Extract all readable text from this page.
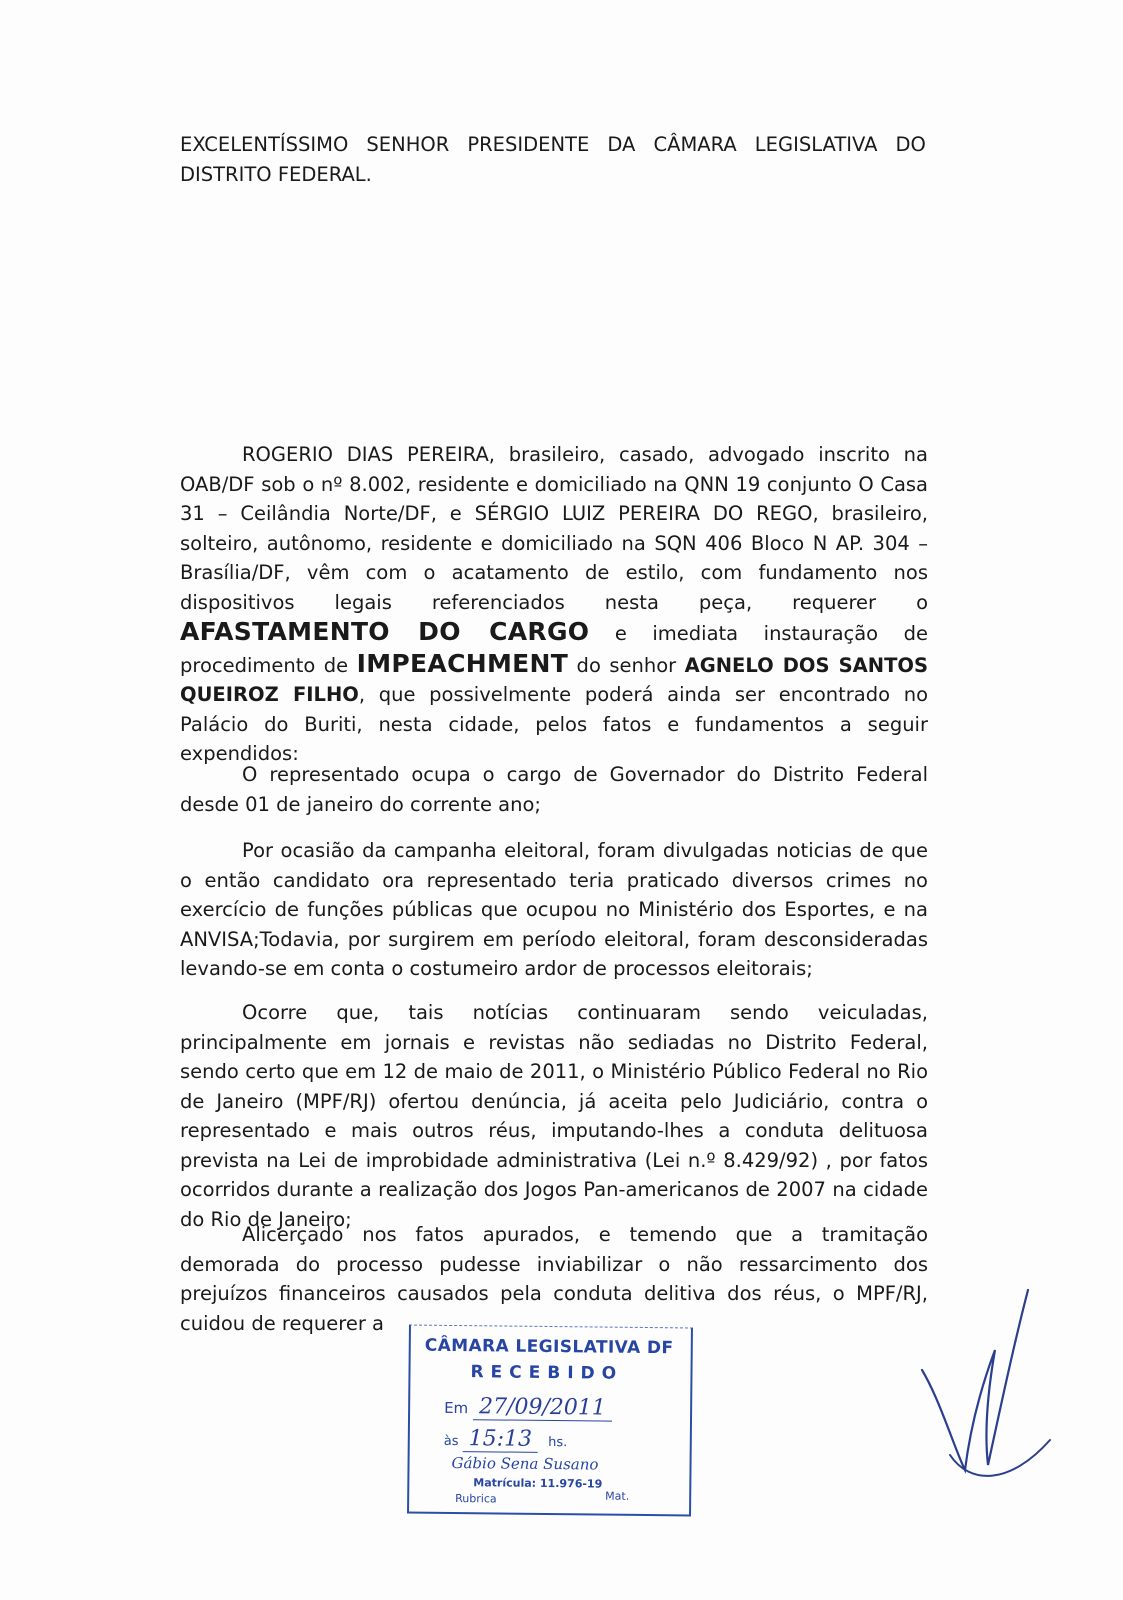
EXCELENTÍSSIMO SENHOR PRESIDENTE DA CÂMARA LEGISLATIVA DO
DISTRITO FEDERAL.

ROGERIO DIAS PEREIRA, brasileiro, casado, advogado inscrito na OAB/DF sob o nº 8.002, residente e domiciliado na QNN 19 conjunto O Casa 31 – Ceilândia Norte/DF, e SÉRGIO LUIZ PEREIRA DO REGO, brasileiro, solteiro, autônomo, residente e domiciliado na SQN 406 Bloco N AP. 304 – Brasília/DF, vêm com o acatamento de estilo, com fundamento nos dispositivos legais referenciados nesta peça, requerer o AFASTAMENTO DO CARGO e imediata instauração de procedimento de IMPEACHMENT do senhor AGNELO DOS SANTOS QUEIROZ FILHO, que possivelmente poderá ainda ser encontrado no Palácio do Buriti, nesta cidade, pelos fatos e fundamentos a seguir expendidos:

O representado ocupa o cargo de Governador do Distrito Federal desde 01 de janeiro do corrente ano;

Por ocasião da campanha eleitoral, foram divulgadas noticias de que o então candidato ora representado teria praticado diversos crimes no exercício de funções públicas que ocupou no Ministério dos Esportes, e na ANVISA;Todavia, por surgirem em período eleitoral, foram desconsideradas levando-se em conta o costumeiro ardor de processos eleitorais;

Ocorre que, tais notícias continuaram sendo veiculadas, principalmente em jornais e revistas não sediadas no Distrito Federal, sendo certo que em 12 de maio de 2011, o Ministério Público Federal no Rio de Janeiro (MPF/RJ) ofertou denúncia, já aceita pelo Judiciário, contra o representado e mais outros réus, imputando-lhes a conduta delituosa prevista na Lei de improbidade administrativa (Lei n.º 8.429/92) , por fatos ocorridos durante a realização dos Jogos Pan-americanos de 2007 na cidade do Rio de Janeiro;

Alicerçado nos fatos apurados, e temendo que a tramitação demorada do processo pudesse inviabilizar o não ressarcimento dos prejuízos financeiros causados pela conduta delitiva dos réus, o MPF/RJ, cuidou de requerer a

CÂMARA LEGISLATIVA DF
RECEBIDO
Em 27/09/2011
às 15:13 hs.
Gábio Sena Susano
Matrícula: 11.976-19
Rubrica	Mat.
